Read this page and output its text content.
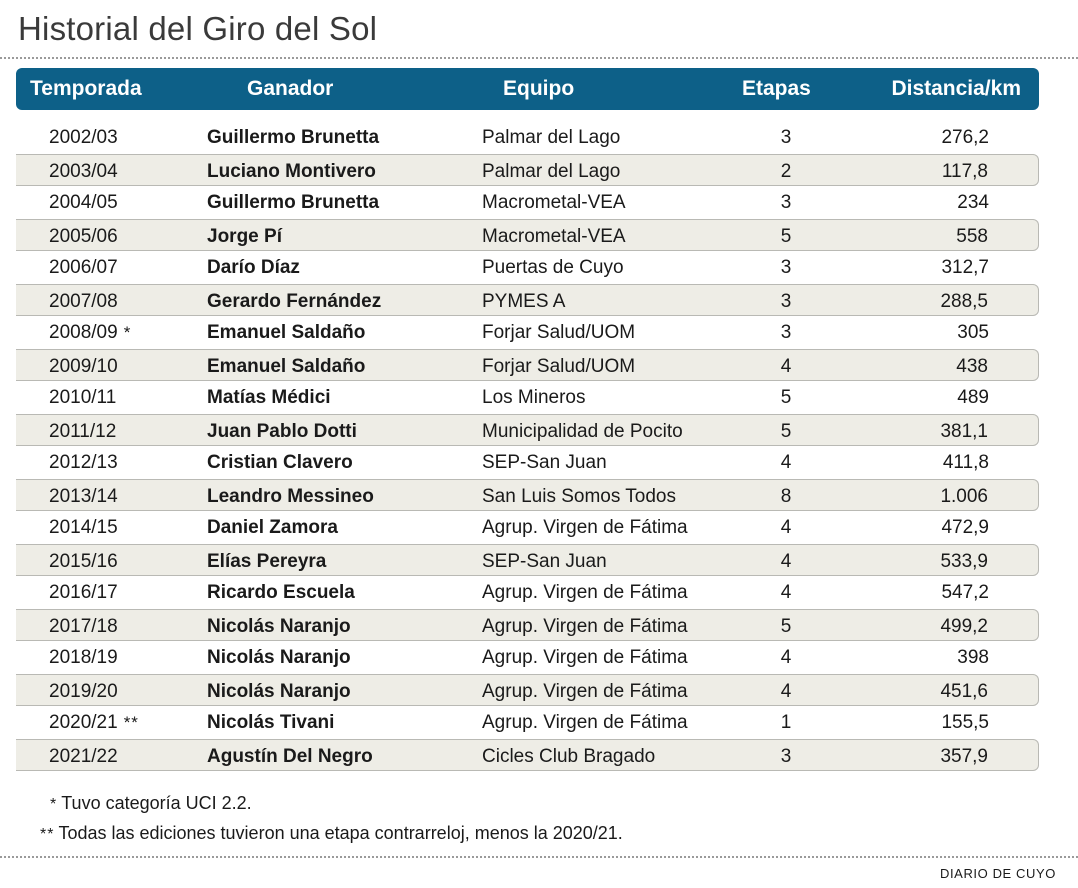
Historial del Giro del Sol
Temporada	Ganador	Equipo	Etapas	Distancia/km
2002/03	Guillermo Brunetta	Palmar del Lago	3	276,2
2003/04	Luciano Montivero	Palmar del Lago	2	117,8
2004/05	Guillermo Brunetta	Macrometal-VEA	3	234
2005/06	Jorge Pí	Macrometal-VEA	5	558
2006/07	Darío Díaz	Puertas de Cuyo	3	312,7
2007/08	Gerardo Fernández	PYMES A	3	288,5
2008/09 *	Emanuel Saldaño	Forjar Salud/UOM	3	305
2009/10	Emanuel Saldaño	Forjar Salud/UOM	4	438
2010/11	Matías Médici	Los Mineros	5	489
2011/12	Juan Pablo Dotti	Municipalidad de Pocito	5	381,1
2012/13	Cristian Clavero	SEP-San Juan	4	411,8
2013/14	Leandro Messineo	San Luis Somos Todos	8	1.006
2014/15	Daniel Zamora	Agrup. Virgen de Fátima	4	472,9
2015/16	Elías Pereyra	SEP-San Juan	4	533,9
2016/17	Ricardo Escuela	Agrup. Virgen de Fátima	4	547,2
2017/18	Nicolás Naranjo	Agrup. Virgen de Fátima	5	499,2
2018/19	Nicolás Naranjo	Agrup. Virgen de Fátima	4	398
2019/20	Nicolás Naranjo	Agrup. Virgen de Fátima	4	451,6
2020/21 **	Nicolás Tivani	Agrup. Virgen de Fátima	1	155,5
2021/22	Agustín Del Negro	Cicles Club Bragado	3	357,9
* Tuvo categoría UCI 2.2.
** Todas las ediciones tuvieron una etapa contrarreloj, menos la 2020/21.
DIARIO DE CUYO
